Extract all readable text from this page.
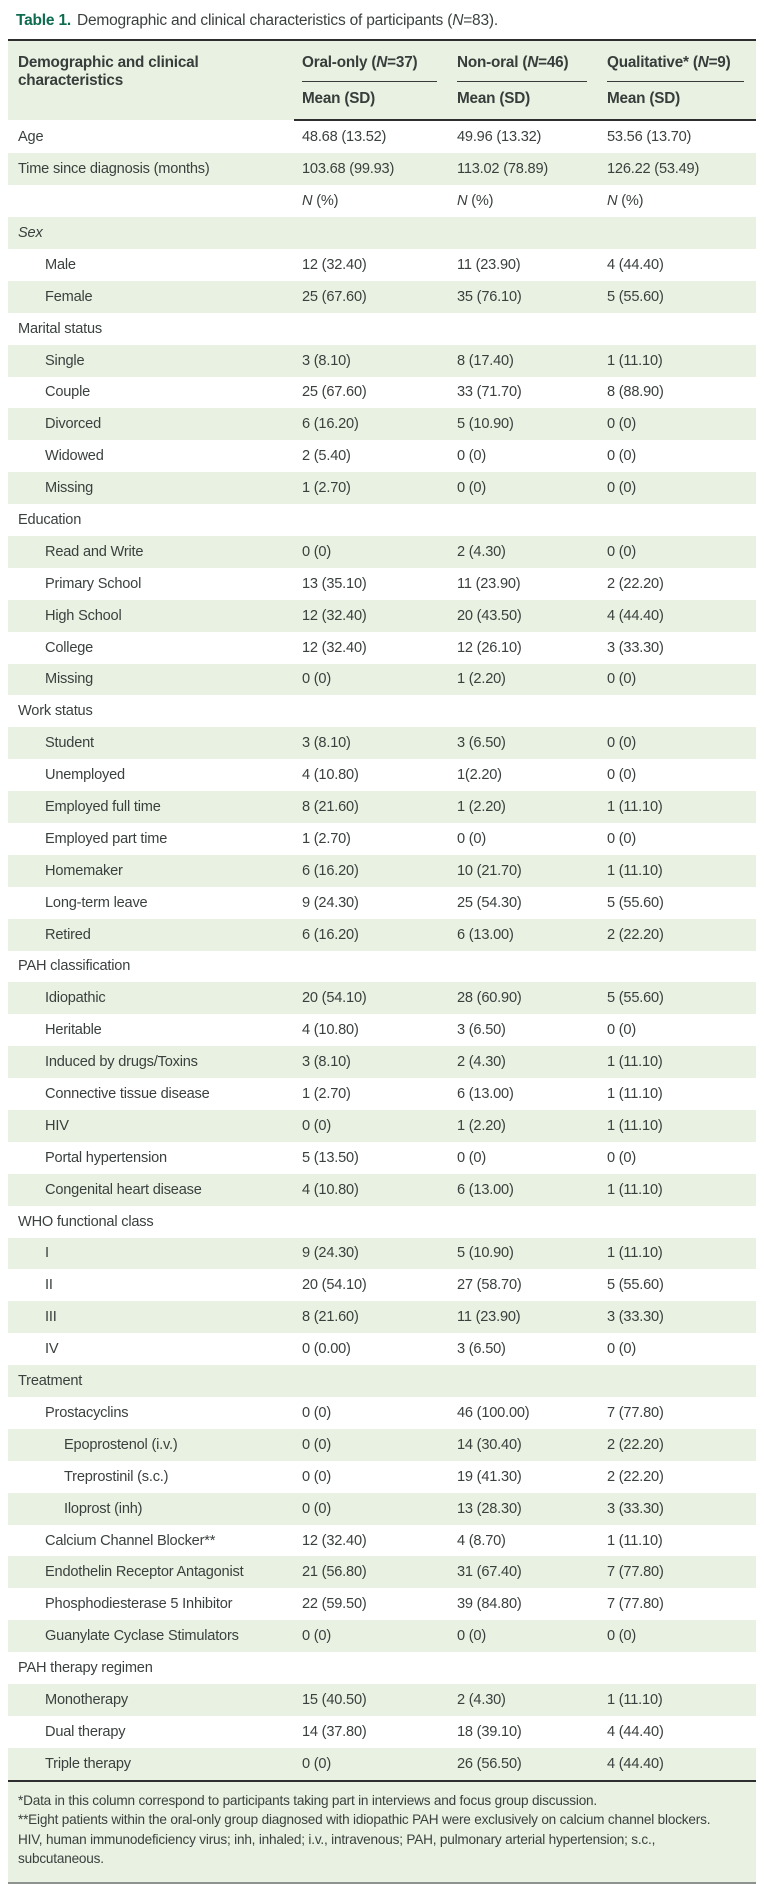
Table 1. Demographic and clinical characteristics of participants (N=83).
Demographic and clinical characteristics	Oral-only (N=37)	Non-oral (N=46)	Qualitative* (N=9)

	Mean (SD)	Mean (SD)	Mean (SD)

Age	48.68 (13.52)	49.96 (13.32)	53.56 (13.70)
Time since diagnosis (months)	103.68 (99.93)	113.02 (78.89)	126.22 (53.49)
	N (%)	N (%)	N (%)
Sex			
Male	12 (32.40)	11 (23.90)	4 (44.40)
Female	25 (67.60)	35 (76.10)	5 (55.60)
Marital status			
Single	3 (8.10)	8 (17.40)	1 (11.10)
Couple	25 (67.60)	33 (71.70)	8 (88.90)
Divorced	6 (16.20)	5 (10.90)	0 (0)
Widowed	2 (5.40)	0 (0)	0 (0)
Missing	1 (2.70)	0 (0)	0 (0)
Education			
Read and Write	0 (0)	2 (4.30)	0 (0)
Primary School	13 (35.10)	11 (23.90)	2 (22.20)
High School	12 (32.40)	20 (43.50)	4 (44.40)
College	12 (32.40)	12 (26.10)	3 (33.30)
Missing	0 (0)	1 (2.20)	0 (0)
Work status			
Student	3 (8.10)	3 (6.50)	0 (0)
Unemployed	4 (10.80)	1(2.20)	0 (0)
Employed full time	8 (21.60)	1 (2.20)	1 (11.10)
Employed part time	1 (2.70)	0 (0)	0 (0)
Homemaker	6 (16.20)	10 (21.70)	1 (11.10)
Long-term leave	9 (24.30)	25 (54.30)	5 (55.60)
Retired	6 (16.20)	6 (13.00)	2 (22.20)
PAH classification			
Idiopathic	20 (54.10)	28 (60.90)	5 (55.60)
Heritable	4 (10.80)	3 (6.50)	0 (0)
Induced by drugs/Toxins	3 (8.10)	2 (4.30)	1 (11.10)
Connective tissue disease	1 (2.70)	6 (13.00)	1 (11.10)
HIV	0 (0)	1 (2.20)	1 (11.10)
Portal hypertension	5 (13.50)	0 (0)	0 (0)
Congenital heart disease	4 (10.80)	6 (13.00)	1 (11.10)
WHO functional class			
I	9 (24.30)	5 (10.90)	1 (11.10)
II	20 (54.10)	27 (58.70)	5 (55.60)
III	8 (21.60)	11 (23.90)	3 (33.30)
IV	0 (0.00)	3 (6.50)	0 (0)
Treatment			
Prostacyclins	0 (0)	46 (100.00)	7 (77.80)
Epoprostenol (i.v.)	0 (0)	14 (30.40)	2 (22.20)
Treprostinil (s.c.)	0 (0)	19 (41.30)	2 (22.20)
Iloprost (inh)	0 (0)	13 (28.30)	3 (33.30)
Calcium Channel Blocker**	12 (32.40)	4 (8.70)	1 (11.10)
Endothelin Receptor Antagonist	21 (56.80)	31 (67.40)	7 (77.80)
Phosphodiesterase 5 Inhibitor	22 (59.50)	39 (84.80)	7 (77.80)
Guanylate Cyclase Stimulators	0 (0)	0 (0)	0 (0)
PAH therapy regimen			
Monotherapy	15 (40.50)	2 (4.30)	1 (11.10)
Dual therapy	14 (37.80)	18 (39.10)	4 (44.40)
Triple therapy	0 (0)	26 (56.50)	4 (44.40)

*Data in this column correspond to participants taking part in interviews and focus group discussion.

**Eight patients within the oral-only group diagnosed with idiopathic PAH were exclusively on calcium channel blockers.

HIV, human immunodeficiency virus; inh, inhaled; i.v., intravenous; PAH, pulmonary arterial hypertension; s.c., subcutaneous.
